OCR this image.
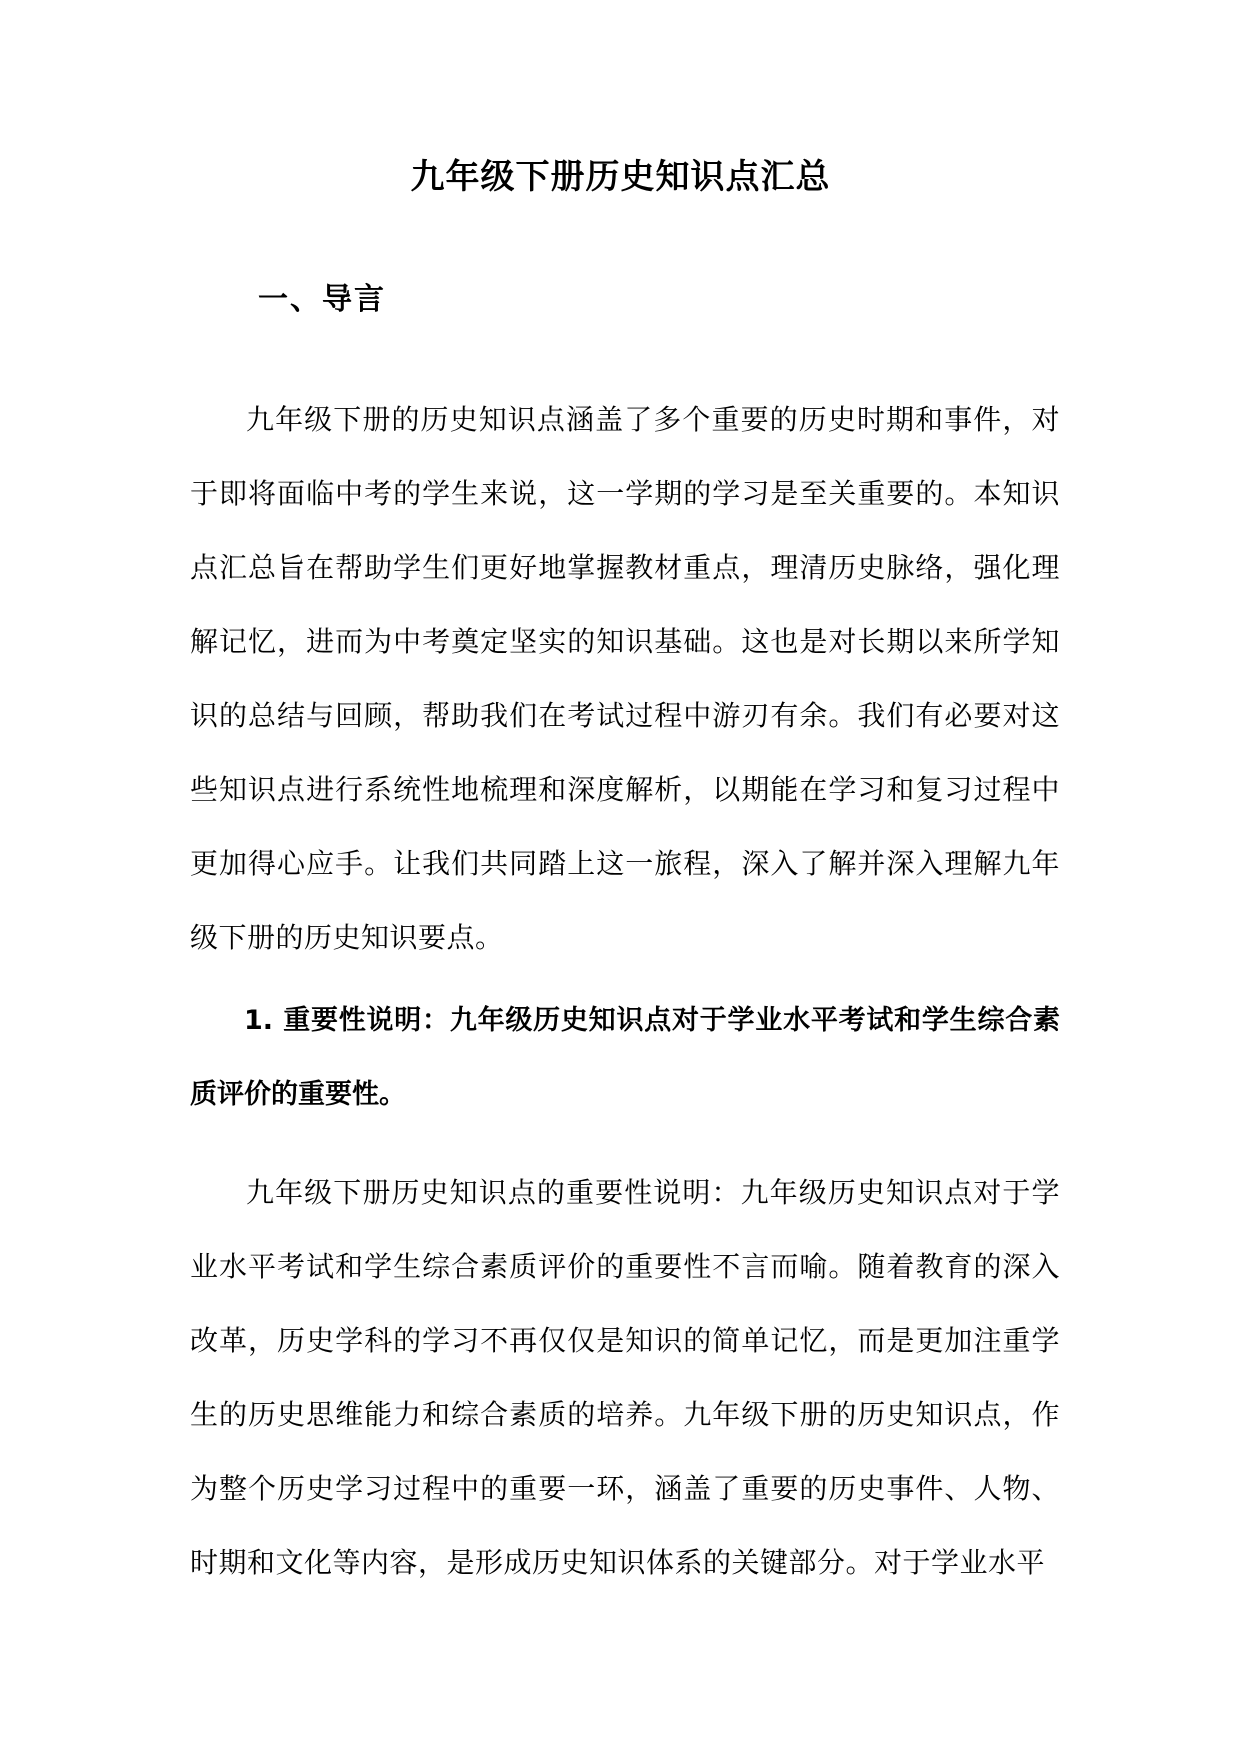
九年级下册历史知识点汇总
一、导言

九年级下册的历史知识点涵盖了多个重要的历史时期和事件，对于即将面临中考的学生来说，这一学期的学习是至关重要的。本知识点汇总旨在帮助学生们更好地掌握教材重点，理清历史脉络，强化理解记忆，进而为中考奠定坚实的知识基础。这也是对长期以来所学知识的总结与回顾，帮助我们在考试过程中游刃有余。我们有必要对这些知识点进行系统性地梳理和深度解析，以期能在学习和复习过程中更加得心应手。让我们共同踏上这一旅程，深入了解并深入理解九年级下册的历史知识要点。

1. 重要性说明：九年级历史知识点对于学业水平考试和学生综合素质评价的重要性。

九年级下册历史知识点的重要性说明：九年级历史知识点对于学业水平考试和学生综合素质评价的重要性不言而喻。随着教育的深入改革，历史学科的学习不再仅仅是知识的简单记忆，而是更加注重学生的历史思维能力和综合素质的培养。九年级下册的历史知识点，作为整个历史学习过程中的重要一环，涵盖了重要的历史事件、人物、时期和文化等内容，是形成历史知识体系的关键部分。对于学业水平
